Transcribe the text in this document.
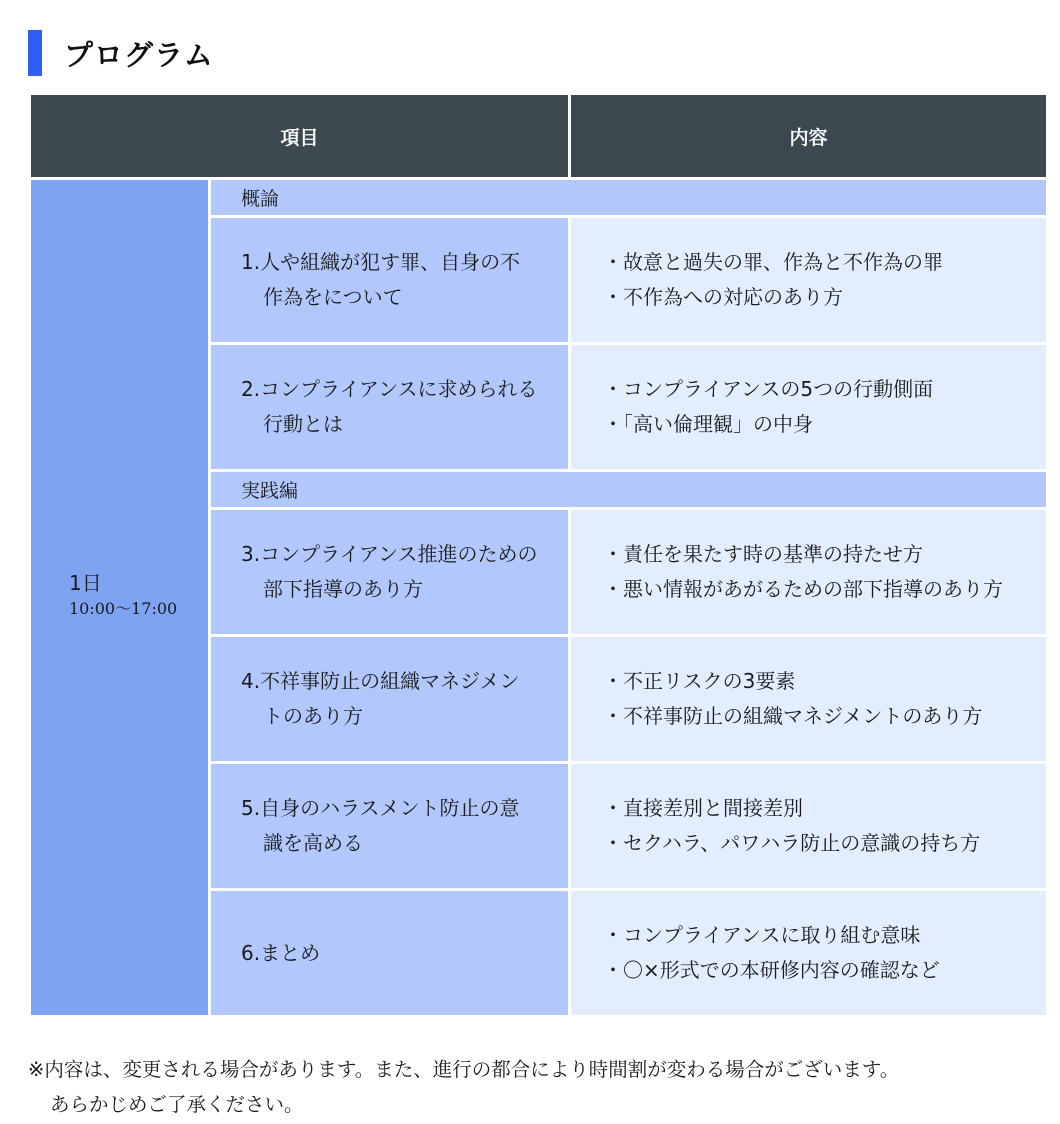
プログラム
項目		内容

1日
10:00～17:00	概論	

	1.人や組織が犯す罪、自身の不作為をについて	・故意と過失の罪、作為と不作為の罪
・不作為への対応のあり方

	2.コンプライアンスに求められる行動とは	・コンプライアンスの5つの行動側面
・「高い倫理観」の中身

	実践編	

	3.コンプライアンス推進のための部下指導のあり方	・責任を果たす時の基準の持たせ方
・悪い情報があがるための部下指導のあり方

	4.不祥事防止の組織マネジメントのあり方	・不正リスクの3要素
・不祥事防止の組織マネジメントのあり方

	5.自身のハラスメント防止の意識を高める	・直接差別と間接差別
・セクハラ、パワハラ防止の意識の持ち方

	6.まとめ	・コンプライアンスに取り組む意味
・〇×形式での本研修内容の確認など
※内容は、変更される場合があります。また、進行の都合により時間割が変わる場合がございます。
あらかじめご了承ください。
